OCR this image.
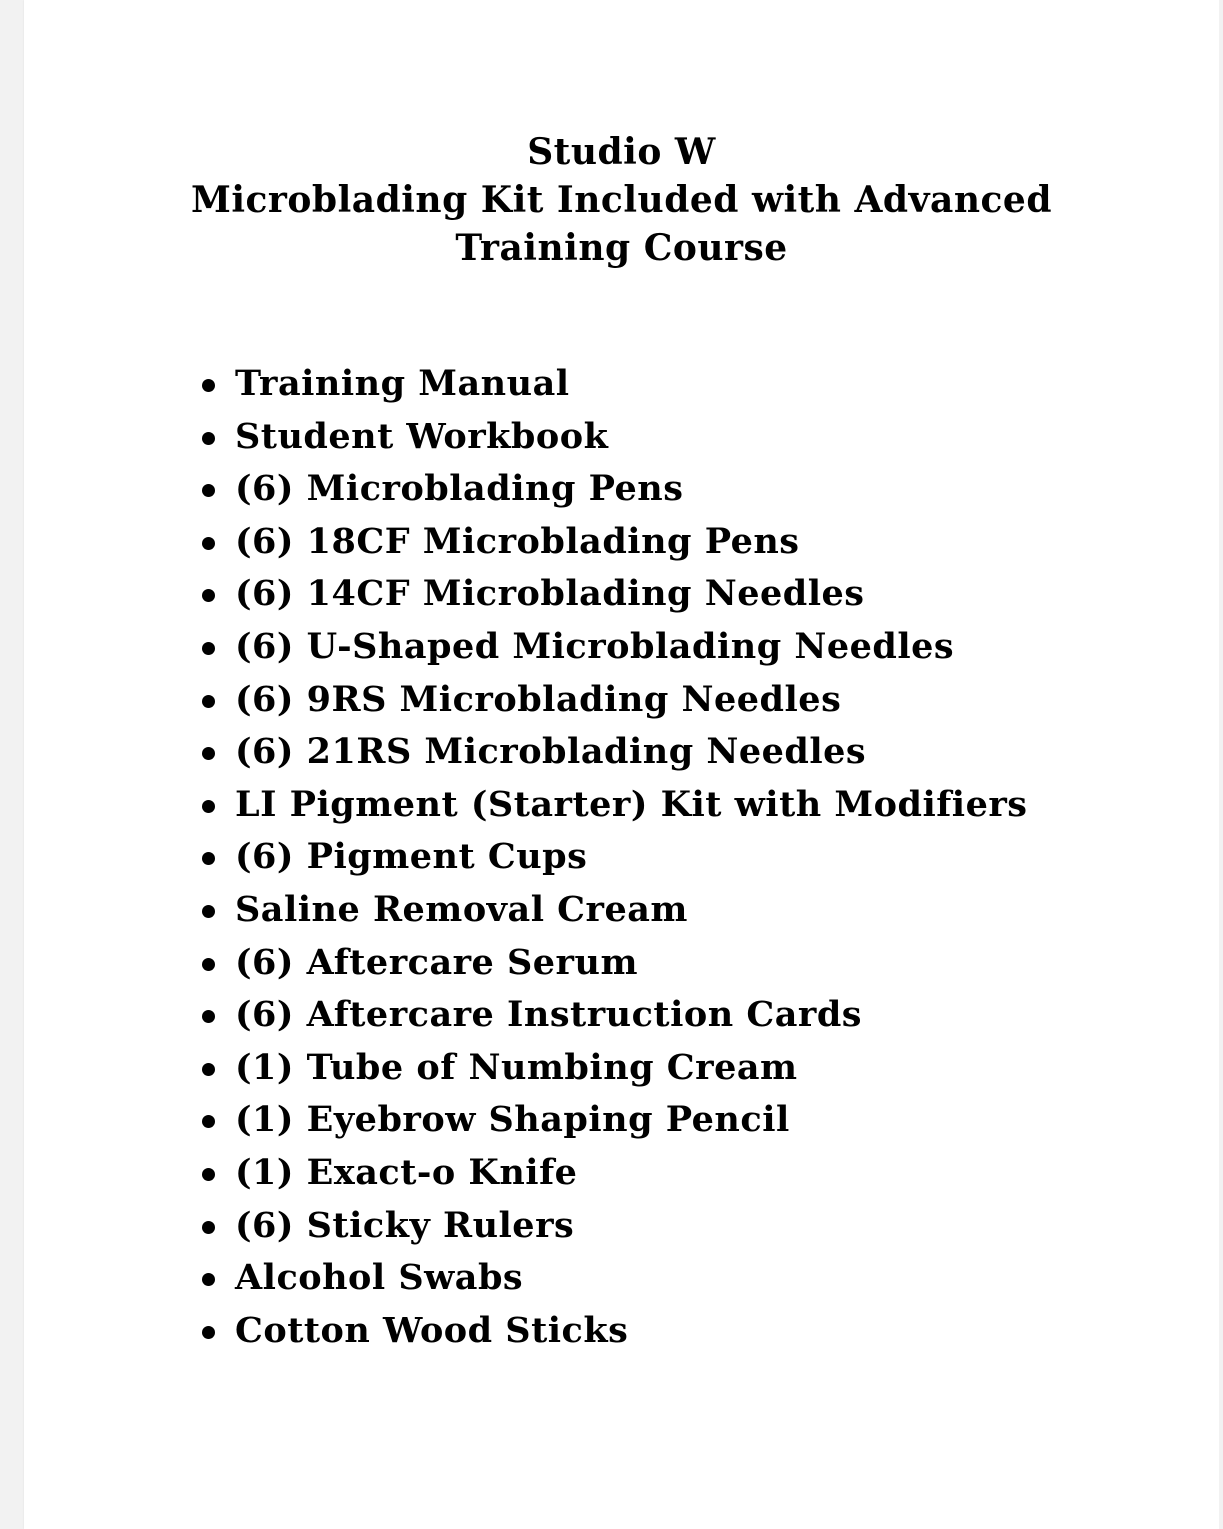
Studio W
Microblading Kit Included with Advanced
Training Course
Training Manual
Student Workbook
(6) Microblading Pens
(6) 18CF Microblading Pens
(6) 14CF Microblading Needles
(6) U-Shaped Microblading Needles
(6) 9RS Microblading Needles
(6) 21RS Microblading Needles
LI Pigment (Starter) Kit with Modifiers
(6) Pigment Cups
Saline Removal Cream
(6) Aftercare Serum
(6) Aftercare Instruction Cards
(1) Tube of Numbing Cream
(1) Eyebrow Shaping Pencil
(1) Exact-o Knife
(6) Sticky Rulers
Alcohol Swabs
Cotton Wood Sticks
